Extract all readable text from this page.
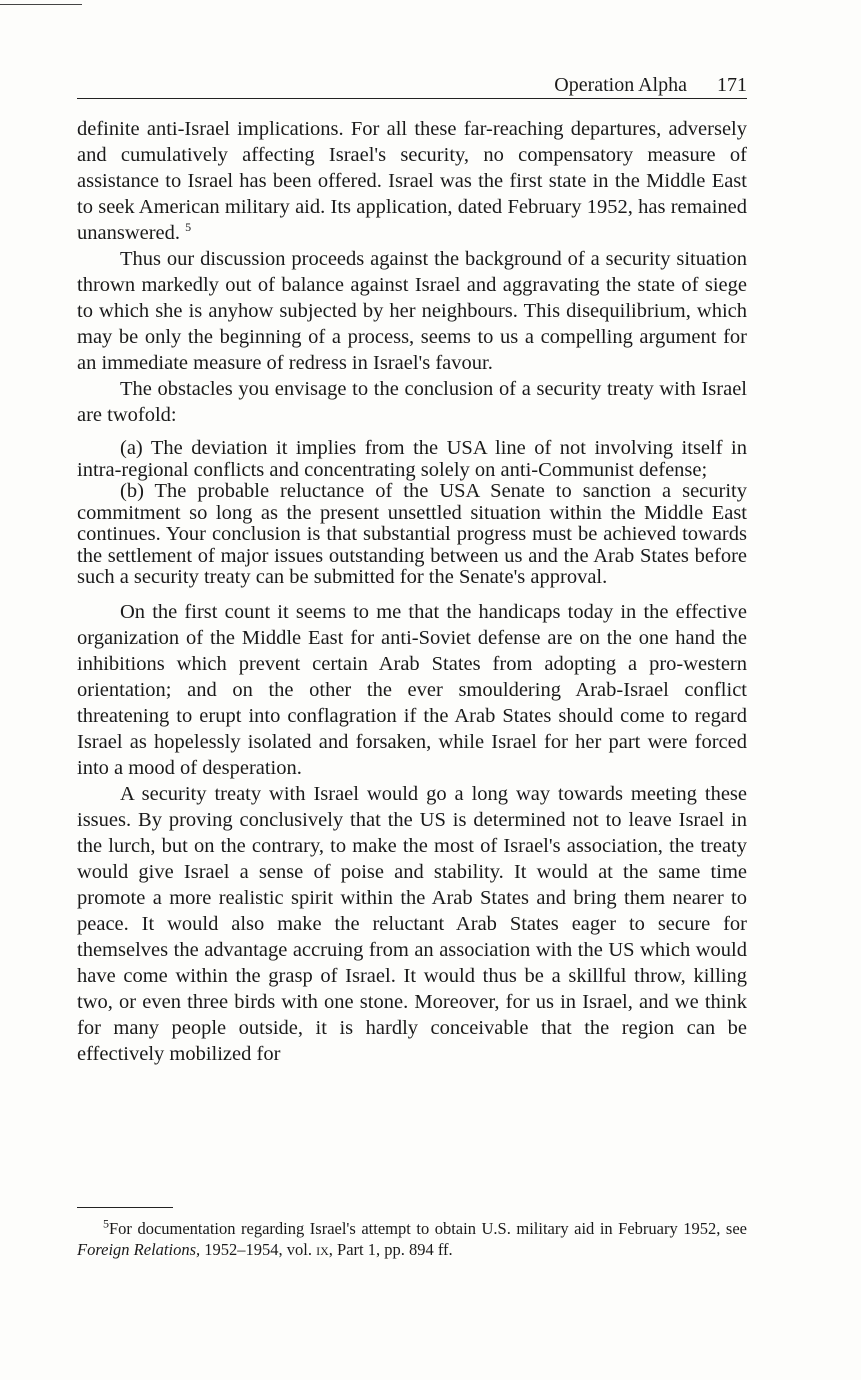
Operation Alpha 171

definite anti-Israel implications. For all these far-reaching departures, adversely and cumulatively affecting Israel's security, no compensatory measure of assistance to Israel has been offered. Israel was the first state in the Middle East to seek American military aid. Its application, dated February 1952, has remained unanswered. $^5$

Thus our discussion proceeds against the background of a security situation thrown markedly out of balance against Israel and aggravating the state of siege to which she is anyhow subjected by her neighbours. This disequilibrium, which may be only the beginning of a process, seems to us a compelling argument for an immediate measure of redress in Israel's favour.

The obstacles you envisage to the conclusion of a security treaty with Israel are twofold:

(a) The deviation it implies from the USA line of not involving itself in intra-regional conflicts and concentrating solely on anti-Communist defense;

(b) The probable reluctance of the USA Senate to sanction a security commitment so long as the present unsettled situation within the Middle East continues. Your conclusion is that substantial progress must be achieved towards the settlement of major issues outstanding between us and the Arab States before such a security treaty can be submitted for the Senate's approval.

On the first count it seems to me that the handicaps today in the effective organization of the Middle East for anti-Soviet defense are on the one hand the inhibitions which prevent certain Arab States from adopting a pro-western orientation; and on the other the ever smouldering Arab-Israel conflict threatening to erupt into conflagration if the Arab States should come to regard Israel as hopelessly isolated and forsaken, while Israel for her part were forced into a mood of desperation.

A security treaty with Israel would go a long way towards meeting these issues. By proving conclusively that the US is determined not to leave Israel in the lurch, but on the contrary, to make the most of Israel's association, the treaty would give Israel a sense of poise and stability. It would at the same time promote a more realistic spirit within the Arab States and bring them nearer to peace. It would also make the reluctant Arab States eager to secure for themselves the advantage accruing from an association with the US which would have come within the grasp of Israel. It would thus be a skillful throw, killing two, or even three birds with one stone. Moreover, for us in Israel, and we think for many people outside, it is hardly conceivable that the region can be effectively mobilized for

$^5$For documentation regarding Israel's attempt to obtain U.S. military aid in February 1952, see Foreign Relations, 1952–1954, vol. ix, Part 1, pp. 894 ff.
